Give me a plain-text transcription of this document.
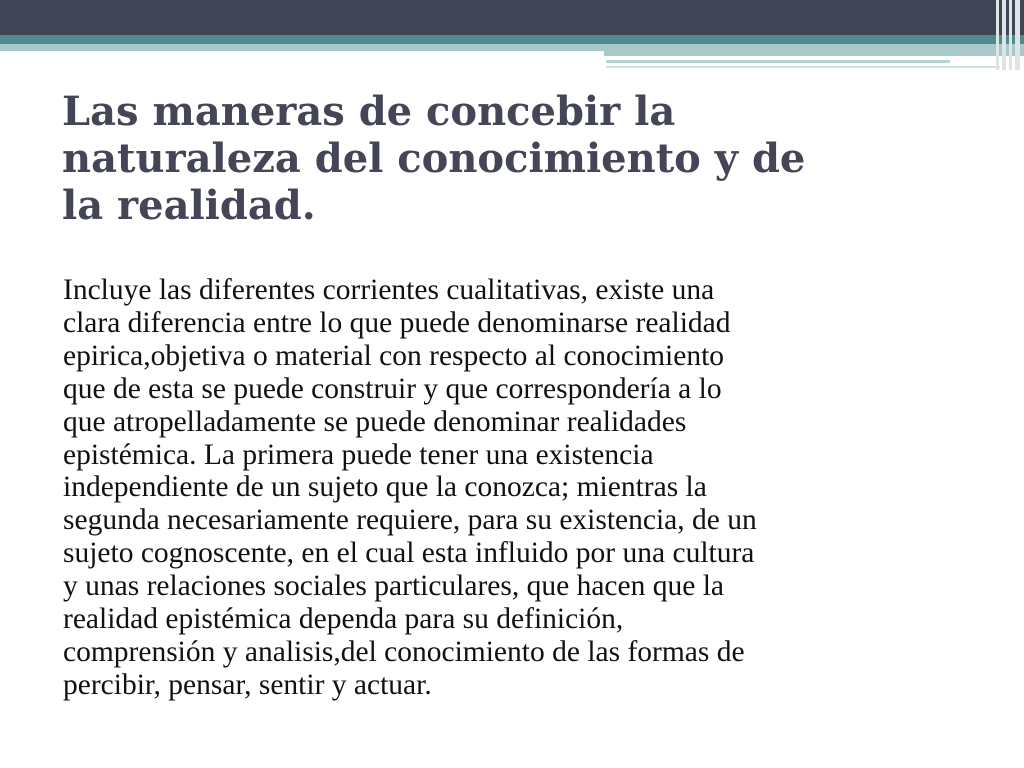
Las maneras de concebir la
naturaleza del conocimiento y de
la realidad.

Incluye las diferentes corrientes cualitativas, existe una
clara diferencia entre lo que puede denominarse realidad
epirica,objetiva o material con respecto al conocimiento
que de esta se puede construir y que correspondería a lo
que atropelladamente se puede denominar realidades
epistémica. La primera puede tener una existencia
independiente de un sujeto que la conozca; mientras la
segunda necesariamente requiere, para su existencia, de un
sujeto cognoscente, en el cual esta influido por una cultura
y unas relaciones sociales particulares, que hacen que la
realidad epistémica dependa para su definición,
comprensión y analisis,del conocimiento de las formas de
percibir, pensar, sentir y actuar.
